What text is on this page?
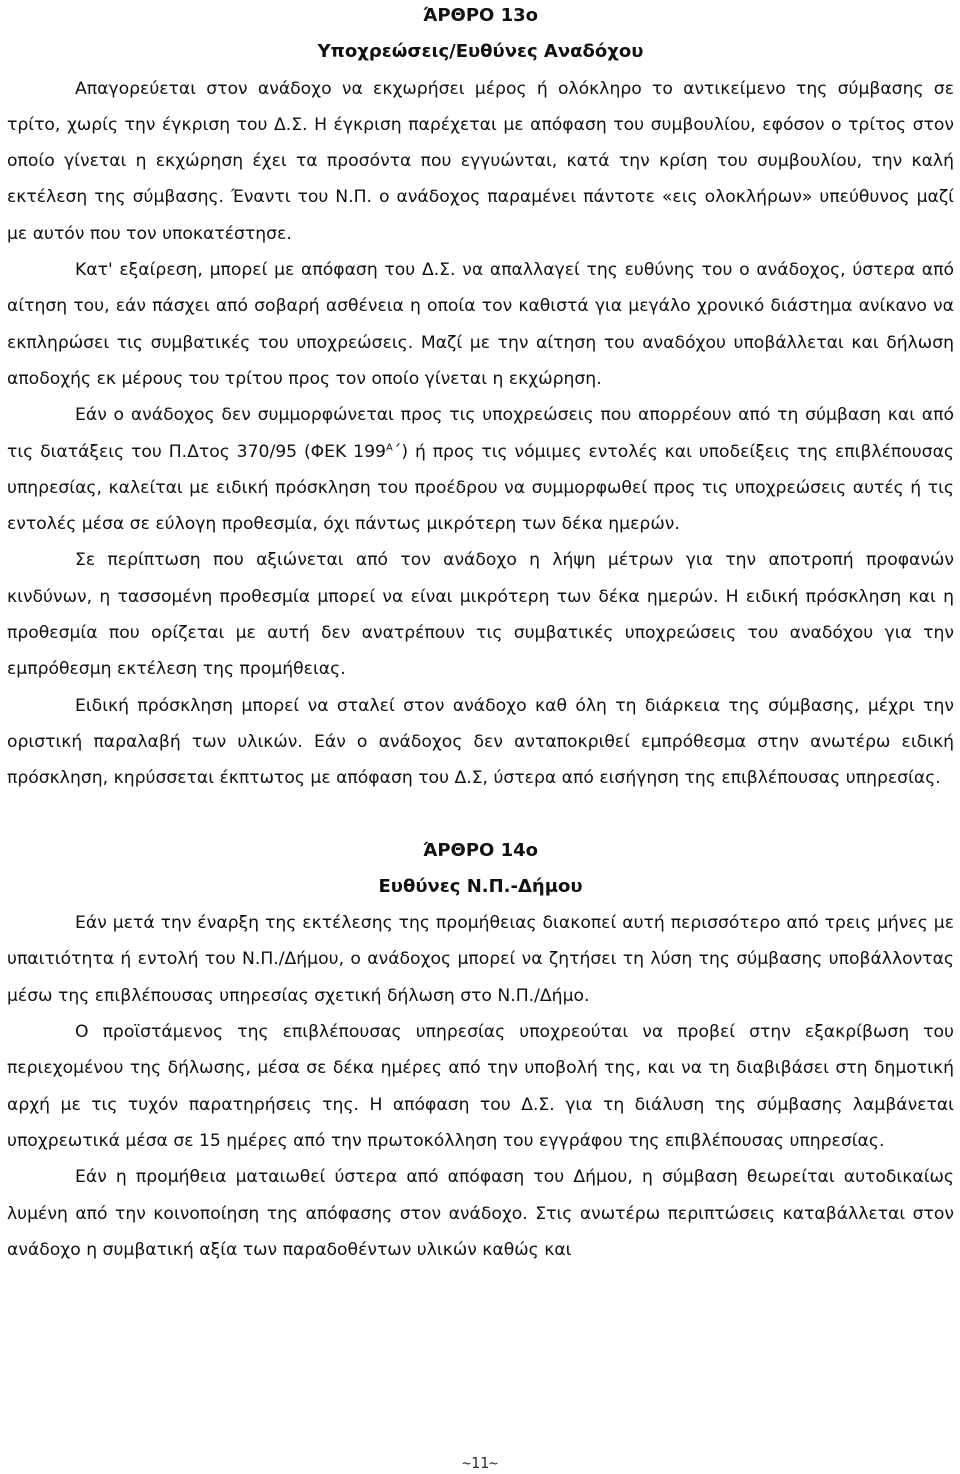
ΆΡΘΡΟ 13ο
Υποχρεώσεις/Ευθύνες Αναδόχου

Απαγορεύεται στον ανάδοχο να εκχωρήσει μέρος ή ολόκληρο το αντικείμενο της σύμβασης σε τρίτο, χωρίς την έγκριση του Δ.Σ. Η έγκριση παρέχεται με απόφαση του συμβουλίου, εφόσον ο τρίτος στον οποίο γίνεται η εκχώρηση έχει τα προσόντα που εγγυώνται, κατά την κρίση του συμβουλίου, την καλή εκτέλεση της σύμβασης. Έναντι του Ν.Π. ο ανάδοχος παραμένει πάντοτε «εις ολοκλήρων» υπεύθυνος μαζί με αυτόν που τον υποκατέστησε.

Κατ' εξαίρεση, μπορεί με απόφαση του Δ.Σ. να απαλλαγεί της ευθύνης του ο ανάδοχος, ύστερα από αίτηση του, εάν πάσχει από σοβαρή ασθένεια η οποία τον καθιστά για μεγάλο χρονικό διάστημα ανίκανο να εκπληρώσει τις συμβατικές του υποχρεώσεις. Μαζί με την αίτηση του αναδόχου υποβάλλεται και δήλωση αποδοχής εκ μέρους του τρίτου προς τον οποίο γίνεται η εκχώρηση.

Εάν ο ανάδοχος δεν συμμορφώνεται προς τις υποχρεώσεις που απορρέουν από τη σύμβαση και από τις διατάξεις του Π.Δτος 370/95 (ΦΕΚ $199^A΄$) ή προς τις νόμιμες εντολές και υποδείξεις της επιβλέπουσας υπηρεσίας, καλείται με ειδική πρόσκληση του προέδρου να συμμορφωθεί προς τις υποχρεώσεις αυτές ή τις εντολές μέσα σε εύλογη προθεσμία, όχι πάντως μικρότερη των δέκα ημερών.

Σε περίπτωση που αξιώνεται από τον ανάδοχο η λήψη μέτρων για την αποτροπή προφανών κινδύνων, η τασσομένη προθεσμία μπορεί να είναι μικρότερη των δέκα ημερών. Η ειδική πρόσκληση και η προθεσμία που ορίζεται με αυτή δεν ανατρέπουν τις συμβατικές υποχρεώσεις του αναδόχου για την εμπρόθεσμη εκτέλεση της προμήθειας.

Ειδική πρόσκληση μπορεί να σταλεί στον ανάδοχο καθ όλη τη διάρκεια της σύμβασης, μέχρι την οριστική παραλαβή των υλικών. Εάν ο ανάδοχος δεν ανταποκριθεί εμπρόθεσμα στην ανωτέρω ειδική πρόσκληση, κηρύσσεται έκπτωτος με απόφαση του Δ.Σ, ύστερα από εισήγηση της επιβλέπουσας υπηρεσίας.

ΆΡΘΡΟ 14ο
Ευθύνες Ν.Π.-Δήμου

Εάν μετά την έναρξη της εκτέλεσης της προμήθειας διακοπεί αυτή περισσότερο από τρεις μήνες με υπαιτιότητα ή εντολή του Ν.Π./Δήμου, ο ανάδοχος μπορεί να ζητήσει τη λύση της σύμβασης υποβάλλοντας μέσω της επιβλέπουσας υπηρεσίας σχετική δήλωση στο Ν.Π./Δήμο.

Ο προϊστάμενος της επιβλέπουσας υπηρεσίας υποχρεούται να προβεί στην εξακρίβωση του περιεχομένου της δήλωσης, μέσα σε δέκα ημέρες από την υποβολή της, και να τη διαβιβάσει στη δημοτική αρχή με τις τυχόν παρατηρήσεις της. Η απόφαση του Δ.Σ. για τη διάλυση της σύμβασης λαμβάνεται υποχρεωτικά μέσα σε 15 ημέρες από την πρωτοκόλληση του εγγράφου της επιβλέπουσας υπηρεσίας.

Εάν η προμήθεια ματαιωθεί ύστερα από απόφαση του Δήμου, η σύμβαση θεωρείται αυτοδικαίως λυμένη από την κοινοποίηση της απόφασης στον ανάδοχο. Στις ανωτέρω περιπτώσεις καταβάλλεται στον ανάδοχο η συμβατική αξία των παραδοθέντων υλικών καθώς και

~11~
